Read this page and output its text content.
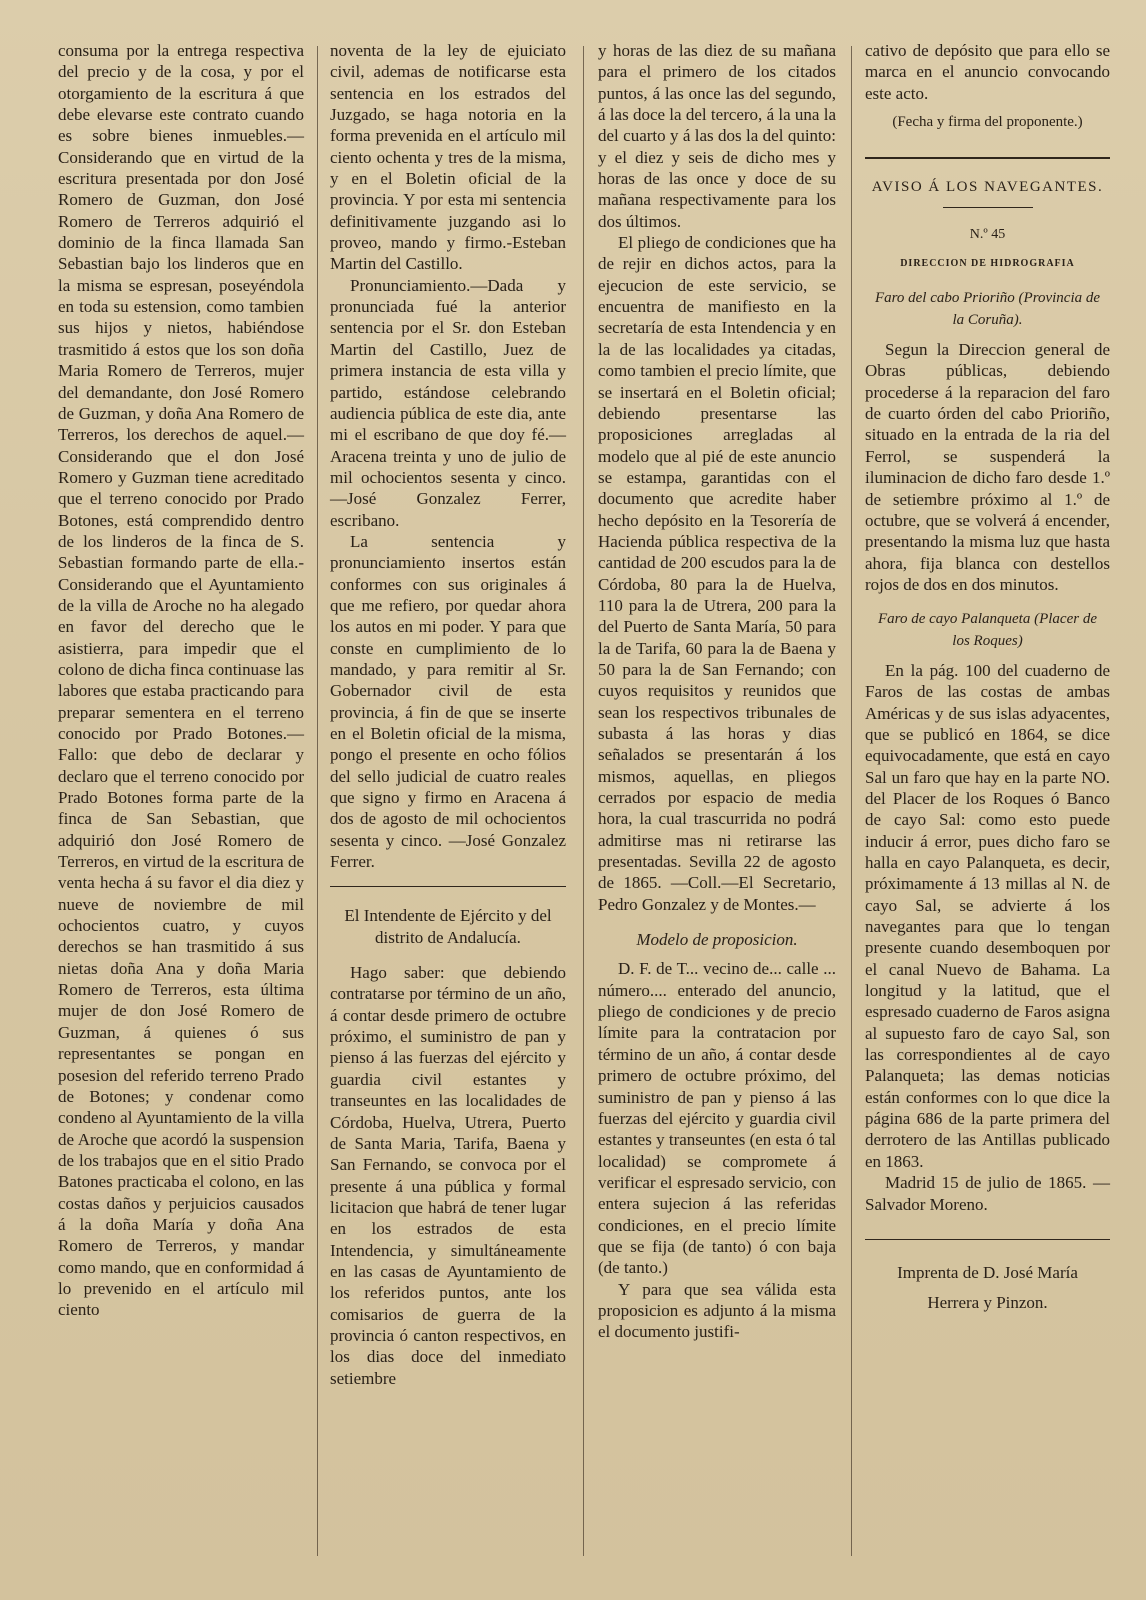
consuma por la entrega respectiva del precio y de la cosa, y por el otorgamiento de la escritura á que debe elevarse este contrato cuando es sobre bienes inmuebles.— Considerando que en virtud de la escritura presentada por don José Romero de Guzman, don José Romero de Terreros adquirió el dominio de la finca llamada San Sebastian bajo los linderos que en la misma se espresan, poseyéndola en toda su estension, como tambien sus hijos y nietos, habiéndose trasmitido á estos que los son doña Maria Romero de Terreros, mujer del demandante, don José Romero de Guzman, y doña Ana Romero de Terreros, los derechos de aquel.—Considerando que el don José Romero y Guzman tiene acreditado que el terreno conocido por Prado Botones, está comprendido dentro de los linderos de la finca de S. Sebastian formando parte de ella.-Considerando que el Ayuntamiento de la villa de Aroche no ha alegado en favor del derecho que le asistierra, para impedir que el colono de dicha finca continuase las labores que estaba practicando para preparar sementera en el terreno conocido por Prado Botones.—Fallo: que debo de declarar y declaro que el terreno conocido por Prado Botones forma parte de la finca de San Sebastian, que adquirió don José Romero de Terreros, en virtud de la escritura de venta hecha á su favor el dia diez y nueve de noviembre de mil ochocientos cuatro, y cuyos derechos se han trasmitido á sus nietas doña Ana y doña Maria Romero de Terreros, esta última mujer de don José Romero de Guzman, á quienes ó sus representantes se pongan en posesion del referido terreno Prado de Botones; y condenar como condeno al Ayuntamiento de la villa de Aroche que acordó la suspension de los trabajos que en el sitio Prado Batones practicaba el colono, en las costas daños y perjuicios causados á la doña María y doña Ana Romero de Terreros, y mandar como mando, que en conformidad á lo prevenido en el artículo mil ciento

noventa de la ley de ejuiciato civil, ademas de notificarse esta sentencia en los estrados del Juzgado, se haga notoria en la forma prevenida en el artículo mil ciento ochenta y tres de la misma, y en el Boletin oficial de la provincia. Y por esta mi sentencia definitivamente juzgando asi lo proveo, mando y firmo.-Esteban Martin del Castillo.

Pronunciamiento.—Dada y pronunciada fué la anterior sentencia por el Sr. don Esteban Martin del Castillo, Juez de primera instancia de esta villa y partido, estándose celebrando audiencia pública de este dia, ante mi el escribano de que doy fé.— Aracena treinta y uno de julio de mil ochocientos sesenta y cinco.—José Gonzalez Ferrer, escribano.

La sentencia y pronunciamiento insertos están conformes con sus originales á que me refiero, por quedar ahora los autos en mi poder. Y para que conste en cumplimiento de lo mandado, y para remitir al Sr. Gobernador civil de esta provincia, á fin de que se inserte en el Boletin oficial de la misma, pongo el presente en ocho fólios del sello judicial de cuatro reales que signo y firmo en Aracena á dos de agosto de mil ochocientos sesenta y cinco. —José Gonzalez Ferrer.

El Intendente de Ejército y del distrito de Andalucía.

Hago saber: que debiendo contratarse por término de un año, á contar desde primero de octubre próximo, el suministro de pan y pienso á las fuerzas del ejército y guardia civil estantes y transeuntes en las localidades de Córdoba, Huelva, Utrera, Puerto de Santa Maria, Tarifa, Baena y San Fernando, se convoca por el presente á una pública y formal licitacion que habrá de tener lugar en los estrados de esta Intendencia, y simultáneamente en las casas de Ayuntamiento de los referidos puntos, ante los comisarios de guerra de la provincia ó canton respectivos, en los dias doce del inmediato setiembre

y horas de las diez de su mañana para el primero de los citados puntos, á las once las del segundo, á las doce la del tercero, á la una la del cuarto y á las dos la del quinto: y el diez y seis de dicho mes y horas de las once y doce de su mañana respectivamente para los dos últimos.

El pliego de condiciones que ha de rejir en dichos actos, para la ejecucion de este servicio, se encuentra de manifiesto en la secretaría de esta Intendencia y en la de las localidades ya citadas, como tambien el precio límite, que se insertará en el Boletin oficial; debiendo presentarse las proposiciones arregladas al modelo que al pié de este anuncio se estampa, garantidas con el documento que acredite haber hecho depósito en la Tesorería de Hacienda pública respectiva de la cantidad de 200 escudos para la de Córdoba, 80 para la de Huelva, 110 para la de Utrera, 200 para la del Puerto de Santa María, 50 para la de Tarifa, 60 para la de Baena y 50 para la de San Fernando; con cuyos requisitos y reunidos que sean los respectivos tribunales de subasta á las horas y dias señalados se presentarán á los mismos, aquellas, en pliegos cerrados por espacio de media hora, la cual trascurrida no podrá admitirse mas ni retirarse las presentadas. Sevilla 22 de agosto de 1865. —Coll.—El Secretario, Pedro Gonzalez y de Montes.—

Modelo de proposicion.

D. F. de T... vecino de... calle ... número.... enterado del anuncio, pliego de condiciones y de precio límite para la contratacion por término de un año, á contar desde primero de octubre próximo, del suministro de pan y pienso á las fuerzas del ejército y guardia civil estantes y transeuntes (en esta ó tal localidad) se compromete á verificar el espresado servicio, con entera sujecion á las referidas condiciones, en el precio límite que se fija (de tanto) ó con baja (de tanto.)

Y para que sea válida esta proposicion es adjunto á la misma el documento justifi-

cativo de depósito que para ello se marca en el anuncio convocando este acto.

(Fecha y firma del proponente.)

AVISO Á LOS NAVEGANTES.

N.º 45

DIRECCION DE HIDROGRAFIA

Faro del cabo Prioriño (Provincia de la Coruña).

Segun la Direccion general de Obras públicas, debiendo procederse á la reparacion del faro de cuarto órden del cabo Prioriño, situado en la entrada de la ria del Ferrol, se suspenderá la iluminacion de dicho faro desde 1.º de setiembre próximo al 1.º de octubre, que se volverá á encender, presentando la misma luz que hasta ahora, fija blanca con destellos rojos de dos en dos minutos.

Faro de cayo Palanqueta (Placer de los Roques)

En la pág. 100 del cuaderno de Faros de las costas de ambas Américas y de sus islas adyacentes, que se publicó en 1864, se dice equivocadamente, que está en cayo Sal un faro que hay en la parte NO. del Placer de los Roques ó Banco de cayo Sal: como esto puede inducir á error, pues dicho faro se halla en cayo Palanqueta, es decir, próximamente á 13 millas al N. de cayo Sal, se advierte á los navegantes para que lo tengan presente cuando desemboquen por el canal Nuevo de Bahama. La longitud y la latitud, que el espresado cuaderno de Faros asigna al supuesto faro de cayo Sal, son las correspondientes al de cayo Palanqueta; las demas noticias están conformes con lo que dice la página 686 de la parte primera del derrotero de las Antillas publicado en 1863.

Madrid 15 de julio de 1865. —Salvador Moreno.

Imprenta de D. José María Herrera y Pinzon.
